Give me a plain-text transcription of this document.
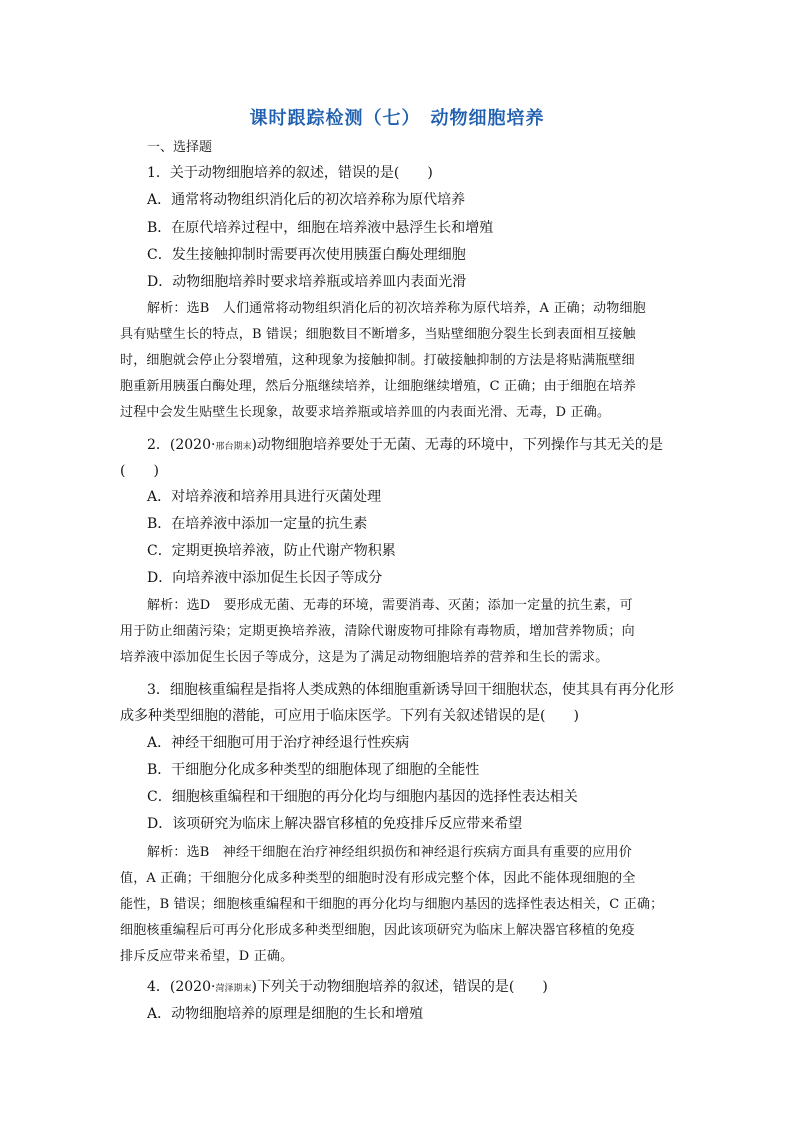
课时跟踪检测（七）　动物细胞培养
一、选择题
1．关于动物细胞培养的叙述，错误的是(　　)
A．通常将动物组织消化后的初次培养称为原代培养
B．在原代培养过程中，细胞在培养液中悬浮生长和增殖
C．发生接触抑制时需要再次使用胰蛋白酶处理细胞
D．动物细胞培养时要求培养瓶或培养皿内表面光滑
解析：选B　人们通常将动物组织消化后的初次培养称为原代培养，A 正确；动物细胞
具有贴壁生长的特点，B 错误；细胞数目不断增多，当贴壁细胞分裂生长到表面相互接触
时，细胞就会停止分裂增殖，这种现象为接触抑制。打破接触抑制的方法是将贴满瓶壁细
胞重新用胰蛋白酶处理，然后分瓶继续培养，让细胞继续增殖，C 正确；由于细胞在培养
过程中会发生贴壁生长现象，故要求培养瓶或培养皿的内表面光滑、无毒，D 正确。
2．(2020·邢台期末)动物细胞培养要处于无菌、无毒的环境中，下列操作与其无关的是
(　　)
A．对培养液和培养用具进行灭菌处理
B．在培养液中添加一定量的抗生素
C．定期更换培养液，防止代谢产物积累
D．向培养液中添加促生长因子等成分
解析：选D　要形成无菌、无毒的环境，需要消毒、灭菌；添加一定量的抗生素，可
用于防止细菌污染；定期更换培养液，清除代谢废物可排除有毒物质，增加营养物质；向
培养液中添加促生长因子等成分，这是为了满足动物细胞培养的营养和生长的需求。
3．细胞核重编程是指将人类成熟的体细胞重新诱导回干细胞状态，使其具有再分化形
成多种类型细胞的潜能，可应用于临床医学。下列有关叙述错误的是(　　)
A．神经干细胞可用于治疗神经退行性疾病
B．干细胞分化成多种类型的细胞体现了细胞的全能性
C．细胞核重编程和干细胞的再分化均与细胞内基因的选择性表达相关
D．该项研究为临床上解决器官移植的免疫排斥反应带来希望
解析：选B　神经干细胞在治疗神经组织损伤和神经退行疾病方面具有重要的应用价
值，A 正确；干细胞分化成多种类型的细胞时没有形成完整个体，因此不能体现细胞的全
能性，B 错误；细胞核重编程和干细胞的再分化均与细胞内基因的选择性表达相关，C 正确；
细胞核重编程后可再分化形成多种类型细胞，因此该项研究为临床上解决器官移植的免疫
排斥反应带来希望，D 正确。
4．(2020·菏泽期末)下列关于动物细胞培养的叙述，错误的是(　　)
A．动物细胞培养的原理是细胞的生长和增殖
